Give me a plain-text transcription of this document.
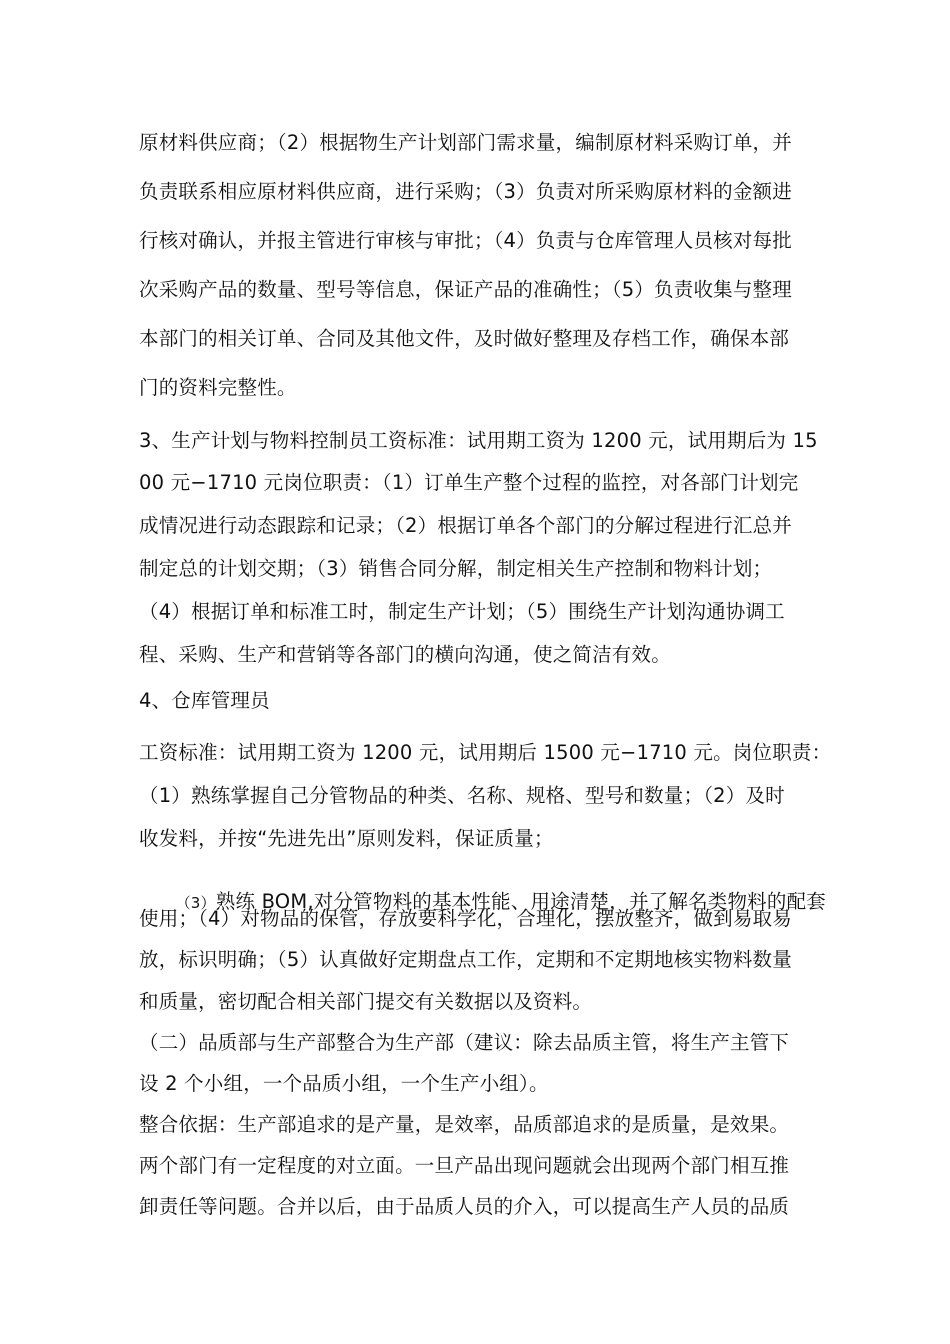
原材料供应商；（2）根据物生产计划部门需求量，编制原材料采购订单，并
负责联系相应原材料供应商，进行采购；（3）负责对所采购原材料的金额进
行核对确认，并报主管进行审核与审批；（4）负责与仓库管理人员核对每批
次采购产品的数量、型号等信息，保证产品的准确性；（5）负责收集与整理
本部门的相关订单、合同及其他文件，及时做好整理及存档工作，确保本部
门的资料完整性。
3、生产计划与物料控制员工资标准：试用期工资为 1200 元，试用期后为 15
00 元−1710 元岗位职责：（1）订单生产整个过程的监控，对各部门计划完
成情况进行动态跟踪和记录；（2）根据订单各个部门的分解过程进行汇总并
制定总的计划交期；（3）销售合同分解，制定相关生产控制和物料计划；
（4）根据订单和标准工时，制定生产计划；（5）围绕生产计划沟通协调工
程、采购、生产和营销等各部门的横向沟通，使之简洁有效。
4、仓库管理员
工资标准：试用期工资为 1200 元，试用期后 1500 元−1710 元。岗位职责：
（1）熟练掌握自己分管物品的种类、名称、规格、型号和数量；（2）及时
收发料，并按“先进先出”原则发料，保证质量；

（3）熟练 BOM,对分管物料的基本性能、用途清楚，并了解名类物料的配套

使用；（4）对物品的保管，存放要科学化，合理化，摆放整齐，做到易取易
放，标识明确；（5）认真做好定期盘点工作，定期和不定期地核实物料数量
和质量，密切配合相关部门提交有关数据以及资料。
（二）品质部与生产部整合为生产部（建议：除去品质主管，将生产主管下
设 2 个小组，一个品质小组，一个生产小组）。
整合依据：生产部追求的是产量，是效率，品质部追求的是质量，是效果。
两个部门有一定程度的对立面。一旦产品出现问题就会出现两个部门相互推
卸责任等问题。合并以后，由于品质人员的介入，可以提高生产人员的品质
